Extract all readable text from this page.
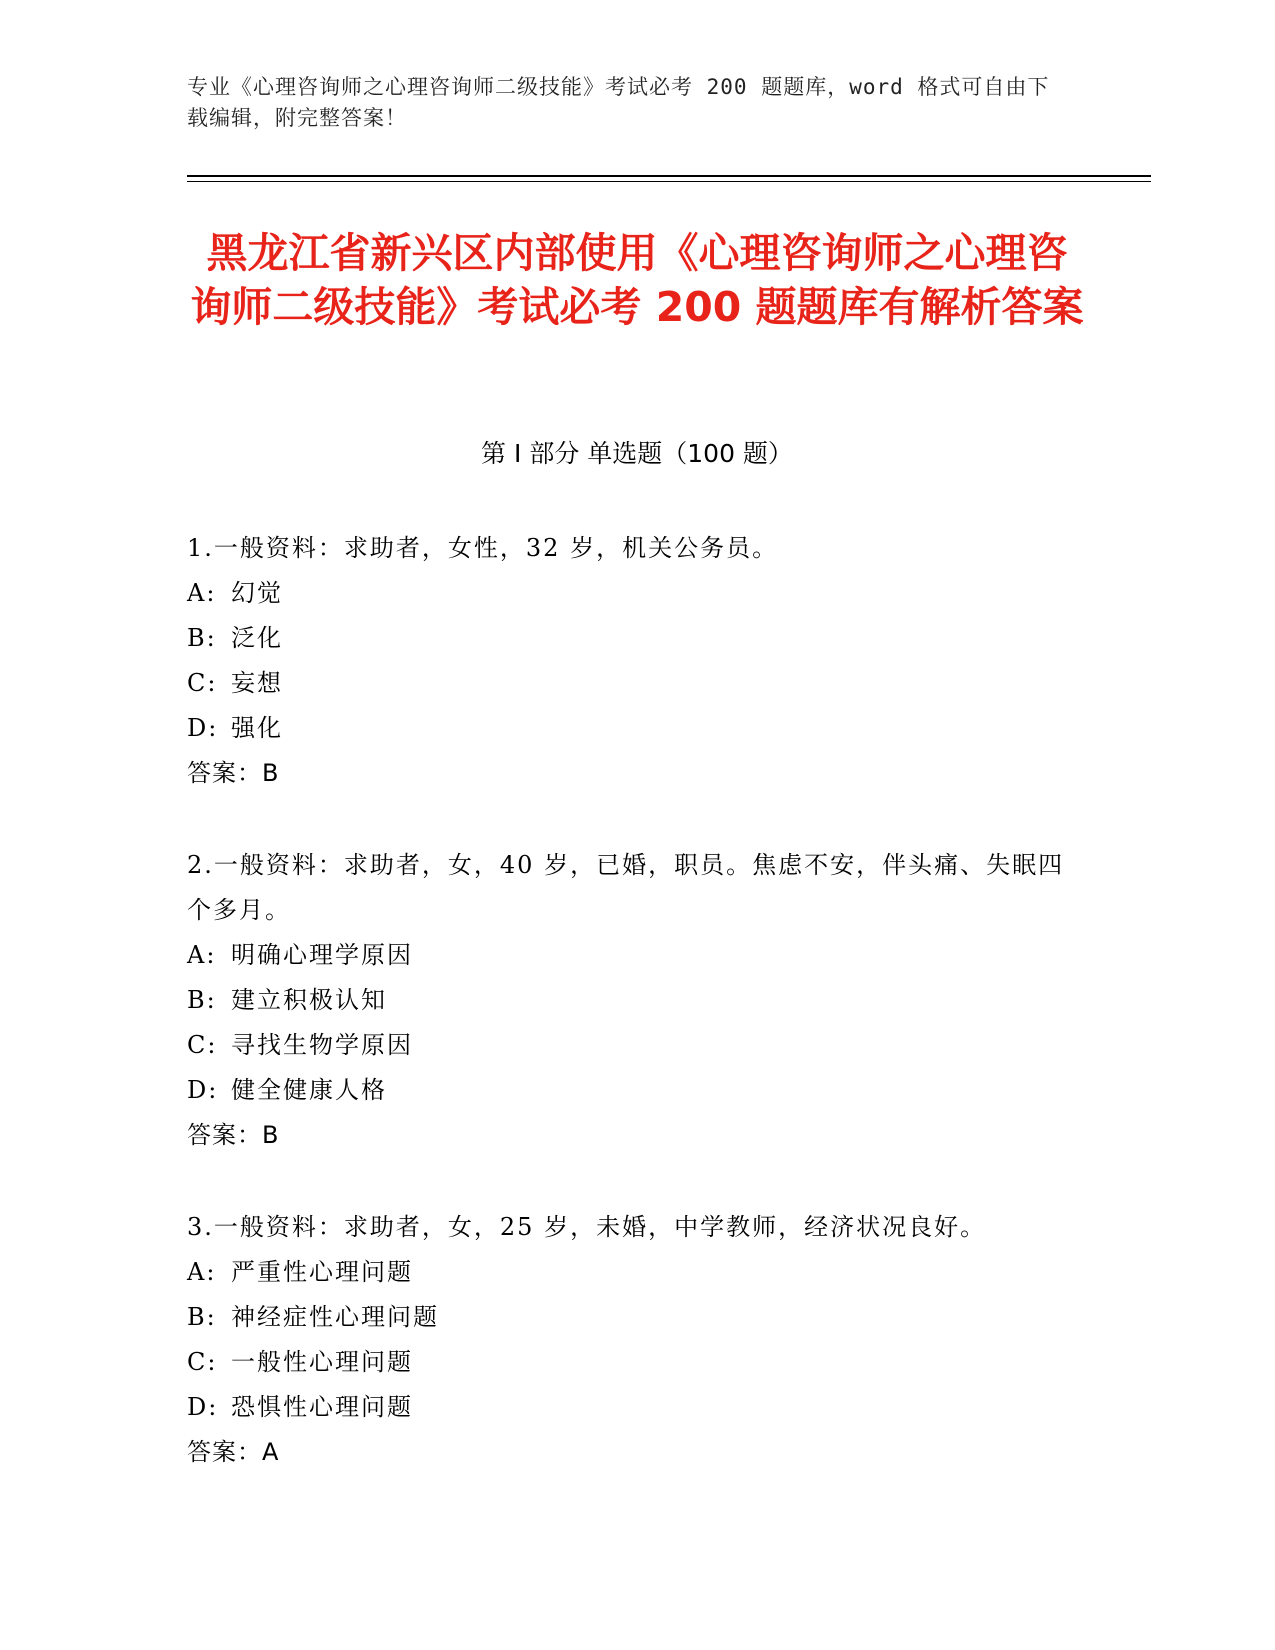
专业《心理咨询师之心理咨询师二级技能》考试必考 200 题题库，word 格式可自由下载编辑，附完整答案！
黑龙江省新兴区内部使用《心理咨询师之心理咨询师二级技能》考试必考 200 题题库有解析答案
第 I 部分 单选题（100 题）
1.一般资料：求助者，女性，32 岁，机关公务员。
A: 幻觉
B: 泛化
C: 妄想
D: 强化
答案：B
2.一般资料：求助者，女，40 岁，已婚，职员。焦虑不安，伴头痛、失眠四个多月。
A: 明确心理学原因
B: 建立积极认知
C: 寻找生物学原因
D: 健全健康人格
答案：B
3.一般资料：求助者，女，25 岁，未婚，中学教师，经济状况良好。
A: 严重性心理问题
B: 神经症性心理问题
C: 一般性心理问题
D: 恐惧性心理问题
答案：A
